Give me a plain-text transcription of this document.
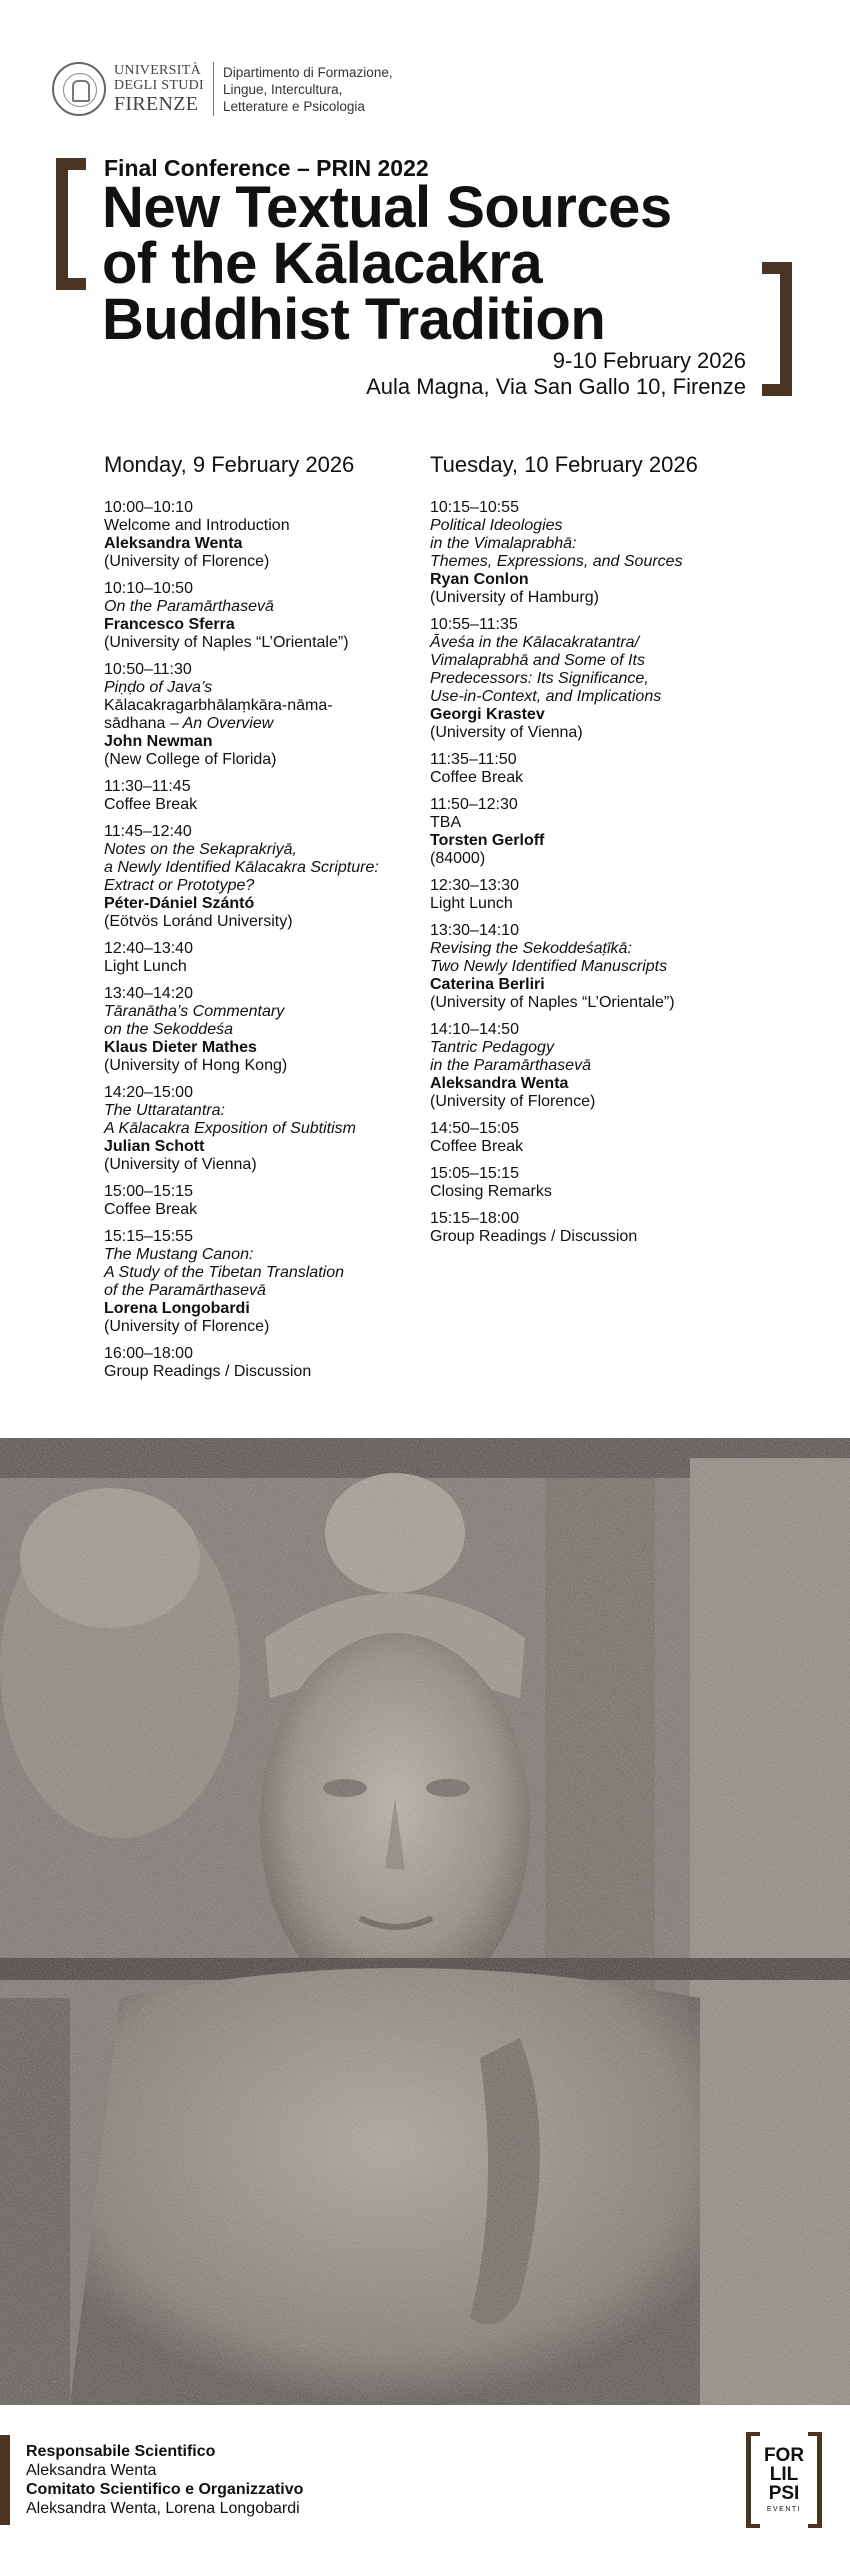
UNIVERSITÀ
DEGLI STUDI
FIRENZE
Dipartimento di Formazione,
Lingue, Intercultura,
Letterature e Psicologia
Final Conference – PRIN 2022
New Textual Sources
of the Kālacakra
Buddhist Tradition
9-10 February 2026
Aula Magna, Via San Gallo 10, Firenze
Monday, 9 February 2026
10:00–10:10
Welcome and Introduction
Aleksandra Wenta
(University of Florence)
10:10–10:50
On the Paramārthasevā
Francesco Sferra
(University of Naples “L’Orientale”)
10:50–11:30
Piṇḍo of Java’s
Kālacakragarbhālaṃkāra-nāma-
sādhana – An Overview
John Newman
(New College of Florida)
11:30–11:45
Coffee Break
11:45–12:40
Notes on the Sekaprakriyā,
a Newly Identified Kālacakra Scripture:
Extract or Prototype?
Péter-Dániel Szántó
(Eötvös Loránd University)
12:40–13:40
Light Lunch
13:40–14:20
Tāranātha’s Commentary
on the Sekoddeśa
Klaus Dieter Mathes
(University of Hong Kong)
14:20–15:00
The Uttaratantra:
A Kālacakra Exposition of Subtitism
Julian Schott
(University of Vienna)
15:00–15:15
Coffee Break
15:15–15:55
The Mustang Canon:
A Study of the Tibetan Translation
of the Paramārthasevā
Lorena Longobardi
(University of Florence)
16:00–18:00
Group Readings / Discussion
Tuesday, 10 February 2026
10:15–10:55
Political Ideologies
in the Vimalaprabhā:
Themes, Expressions, and Sources
Ryan Conlon
(University of Hamburg)
10:55–11:35
Āveśa in the Kālacakratantra/
Vimalaprabhā and Some of Its
Predecessors: Its Significance,
Use-in-Context, and Implications
Georgi Krastev
(University of Vienna)
11:35–11:50
Coffee Break
11:50–12:30
TBA
Torsten Gerloff
(84000)
12:30–13:30
Light Lunch
13:30–14:10
Revising the Sekoddeśaṭīkā:
Two Newly Identified Manuscripts
Caterina Berliri
(University of Naples “L’Orientale”)
14:10–14:50
Tantric Pedagogy
in the Paramārthasevā
Aleksandra Wenta
(University of Florence)
14:50–15:05
Coffee Break
15:05–15:15
Closing Remarks
15:15–18:00
Group Readings / Discussion
Responsabile Scientifico
Aleksandra Wenta
Comitato Scientifico e Organizzativo
Aleksandra Wenta, Lorena Longobardi
FOR
LIL
PSI
EVENTI
